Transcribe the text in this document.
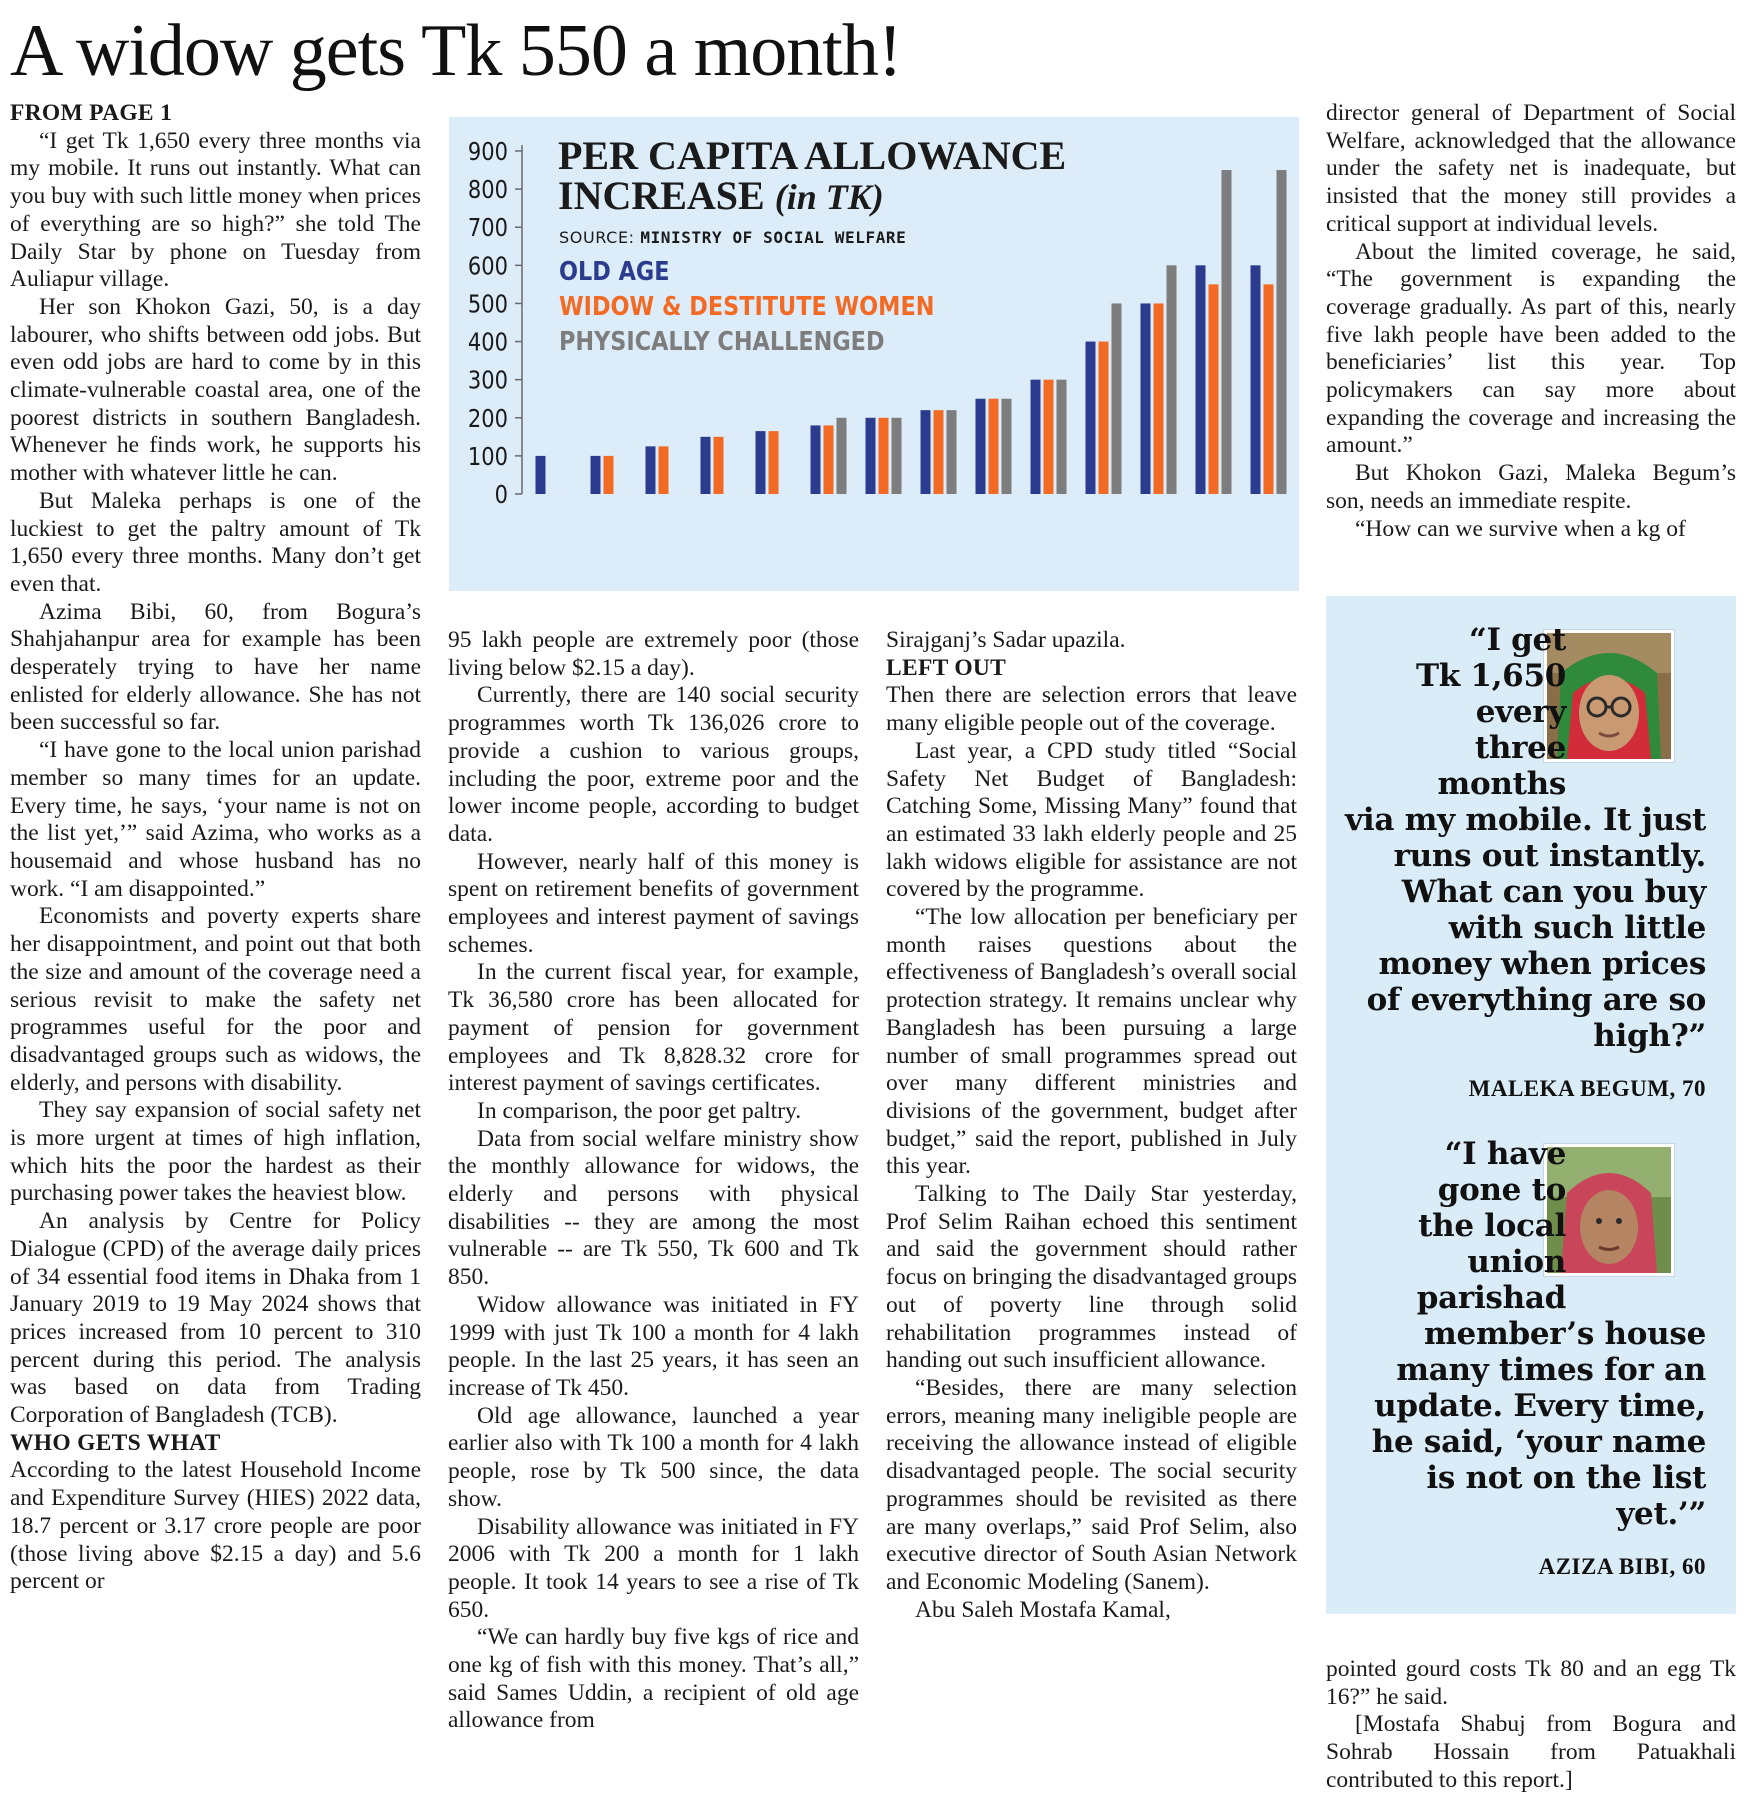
A widow gets Tk 550 a month!

FROM PAGE 1

“I get Tk 1,650 every three months via my mobile. It runs out instantly. What can you buy with such little money when prices of everything are so high?” she told The Daily Star by phone on Tuesday from Auliapur village.

Her son Khokon Gazi, 50, is a day labourer, who shifts between odd jobs. But even odd jobs are hard to come by in this climate-vulnerable coastal area, one of the poorest districts in southern Bangladesh. Whenever he finds work, he supports his mother with whatever little he can.

But Maleka perhaps is one of the luckiest to get the paltry amount of Tk 1,650 every three months. Many don’t get even that.

Azima Bibi, 60, from Bogura’s Shahjahanpur area for example has been desperately trying to have her name enlisted for elderly allowance. She has not been successful so far.

“I have gone to the local union parishad member so many times for an update. Every time, he says, ‘your name is not on the list yet,’” said Azima, who works as a housemaid and whose husband has no work. “I am disappointed.”

Economists and poverty experts share her disappointment, and point out that both the size and amount of the coverage need a serious revisit to make the safety net programmes useful for the poor and disadvantaged groups such as widows, the elderly, and persons with disability.

They say expansion of social safety net is more urgent at times of high inflation, which hits the poor the hardest as their purchasing power takes the heaviest blow.

An analysis by Centre for Policy Dialogue (CPD) of the average daily prices of 34 essential food items in Dhaka from 1 January 2019 to 19 May 2024 shows that prices increased from 10 percent to 310 percent during this period. The analysis was based on data from Trading Corporation of Bangladesh (TCB).

WHO GETS WHAT

According to the latest Household Income and Expenditure Survey (HIES) 2022 data, 18.7 percent or 3.17 crore people are poor (those living above $2.15 a day) and 5.6 percent or

0
100
200
300
400
500
600
700
800
900 PER CAPITA ALLOWANCE
INCREASE (in TK)

SOURCE: MINISTRY OF SOCIAL WELFARE

OLD AGE

WIDOW & DESTITUTE WOMEN

PHYSICALLY CHALLENGED

95 lakh people are extremely poor (those living below $2.15 a day).

Currently, there are 140 social security programmes worth Tk 136,026 crore to provide a cushion to various groups, including the poor, extreme poor and the lower income people, according to budget data.

However, nearly half of this money is spent on retirement benefits of government employees and interest payment of savings schemes.

In the current fiscal year, for example, Tk 36,580 crore has been allocated for payment of pension for government employees and Tk 8,828.32 crore for interest payment of savings certificates.

In comparison, the poor get paltry.

Data from social welfare ministry show the monthly allowance for widows, the elderly and persons with physical disabilities -- they are among the most vulnerable -- are Tk 550, Tk 600 and Tk 850.

Widow allowance was initiated in FY 1999 with just Tk 100 a month for 4 lakh people. In the last 25 years, it has seen an increase of Tk 450.

Old age allowance, launched a year earlier also with Tk 100 a month for 4 lakh people, rose by Tk 500 since, the data show.

Disability allowance was initiated in FY 2006 with Tk 200 a month for 1 lakh people. It took 14 years to see a rise of Tk 650.

“We can hardly buy five kgs of rice and one kg of fish with this money. That’s all,” said Sames Uddin, a recipient of old age allowance from

Sirajganj’s Sadar upazila.

LEFT OUT

Then there are selection errors that leave many eligible people out of the coverage.

Last year, a CPD study titled “Social Safety Net Budget of Bangladesh: Catching Some, Missing Many” found that an estimated 33 lakh elderly people and 25 lakh widows eligible for assistance are not covered by the programme.

“The low allocation per beneficiary per month raises questions about the effectiveness of Bangladesh’s overall social protection strategy. It remains unclear why Bangladesh has been pursuing a large number of small programmes spread out over many different ministries and divisions of the government, budget after budget,” said the report, published in July this year.

Talking to The Daily Star yesterday, Prof Selim Raihan echoed this sentiment and said the government should rather focus on bringing the disadvantaged groups out of poverty line through solid rehabilitation programmes instead of handing out such insufficient allowance.

“Besides, there are many selection errors, meaning many ineligible people are receiving the allowance instead of eligible disadvantaged people. The social security programmes should be revisited as there are many overlaps,” said Prof Selim, also executive director of South Asian Network and Economic Modeling (Sanem).

Abu Saleh Mostafa Kamal,

director general of Department of Social Welfare, acknowledged that the allowance under the safety net is inadequate, but insisted that the money still provides a critical support at individual levels.

About the limited coverage, he said, “The government is expanding the coverage gradually. As part of this, nearly five lakh people have been added to the beneficiaries’ list this year. Top policymakers can say more about expanding the coverage and increasing the amount.”

But Khokon Gazi, Maleka Begum’s son, needs an immediate respite.

“How can we survive when a kg of

“I get
Tk 1,650
every
three
months
via my mobile. It just
runs out instantly.
What can you buy
with such little
money when prices
of everything are so
high?”

MALEKA BEGUM, 70

“I have
gone to
the local
union
parishad
member’s house
many times for an
update. Every time,
he said, ‘your name
is not on the list
yet.’”

AZIZA BIBI, 60

pointed gourd costs Tk 80 and an egg Tk 16?” he said.

[Mostafa Shabuj from Bogura and Sohrab Hossain from Patuakhali contributed to this report.]
